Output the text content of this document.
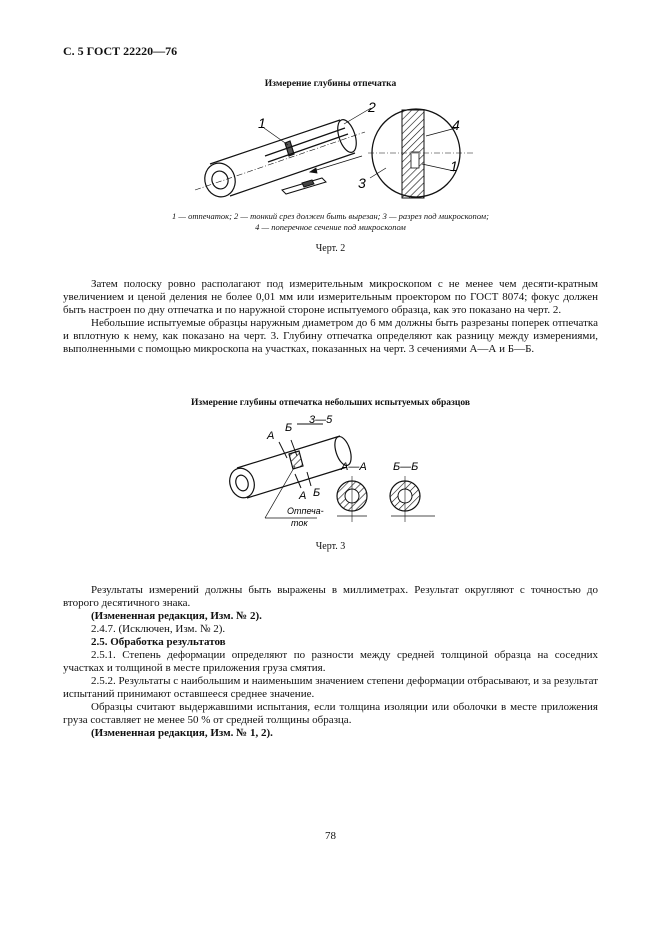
С. 5 ГОСТ 22220—76
Измерение глубины отпечатка
1
2
3
4
1
1 — отпечаток; 2 — тонкий срез должен быть вырезан; 3 — разрез под микроскопом;
4 — поперечное сечение под микроскопом
Черт. 2

Затем полоску ровно располагают под измерительным микроскопом с не менее чем десяти-кратным увеличением и ценой деления не более 0,01 мм или измерительным проектором по ГОСТ 8074; фокус должен быть настроен по дну отпечатка и по наружной стороне испытуемого образца, как это показано на черт. 2.

Небольшие испытуемые образцы наружным диаметром до 6 мм должны быть разрезаны поперек отпечатка и вплотную к нему, как показано на черт. 3. Глубину отпечатка определяют как разницу между измерениями, выполненными с помощью микроскопа на участках, показанных на черт. 3 сечениями А—А и Б—Б.

Измерение глубины отпечатка небольших испытуемых образцов
А
Б
3—5
А Б
Отпеча-
ток
А—А Б—Б
Черт. 3

Результаты измерений должны быть выражены в миллиметрах. Результат округляют с точностью до второго десятичного знака.

(Измененная редакция, Изм. № 2).

2.4.7. (Исключен, Изм. № 2).

2.5. Обработка результатов

2.5.1. Степень деформации определяют по разности между средней толщиной образца на соседних участках и толщиной в месте приложения груза смятия.

2.5.2. Результаты с наибольшим и наименьшим значением степени деформации отбрасывают, и за результат испытаний принимают оставшееся среднее значение.

Образцы считают выдержавшими испытания, если толщина изоляции или оболочки в месте приложения груза составляет не менее 50 % от средней толщины образца.

(Измененная редакция, Изм. № 1, 2).

78
